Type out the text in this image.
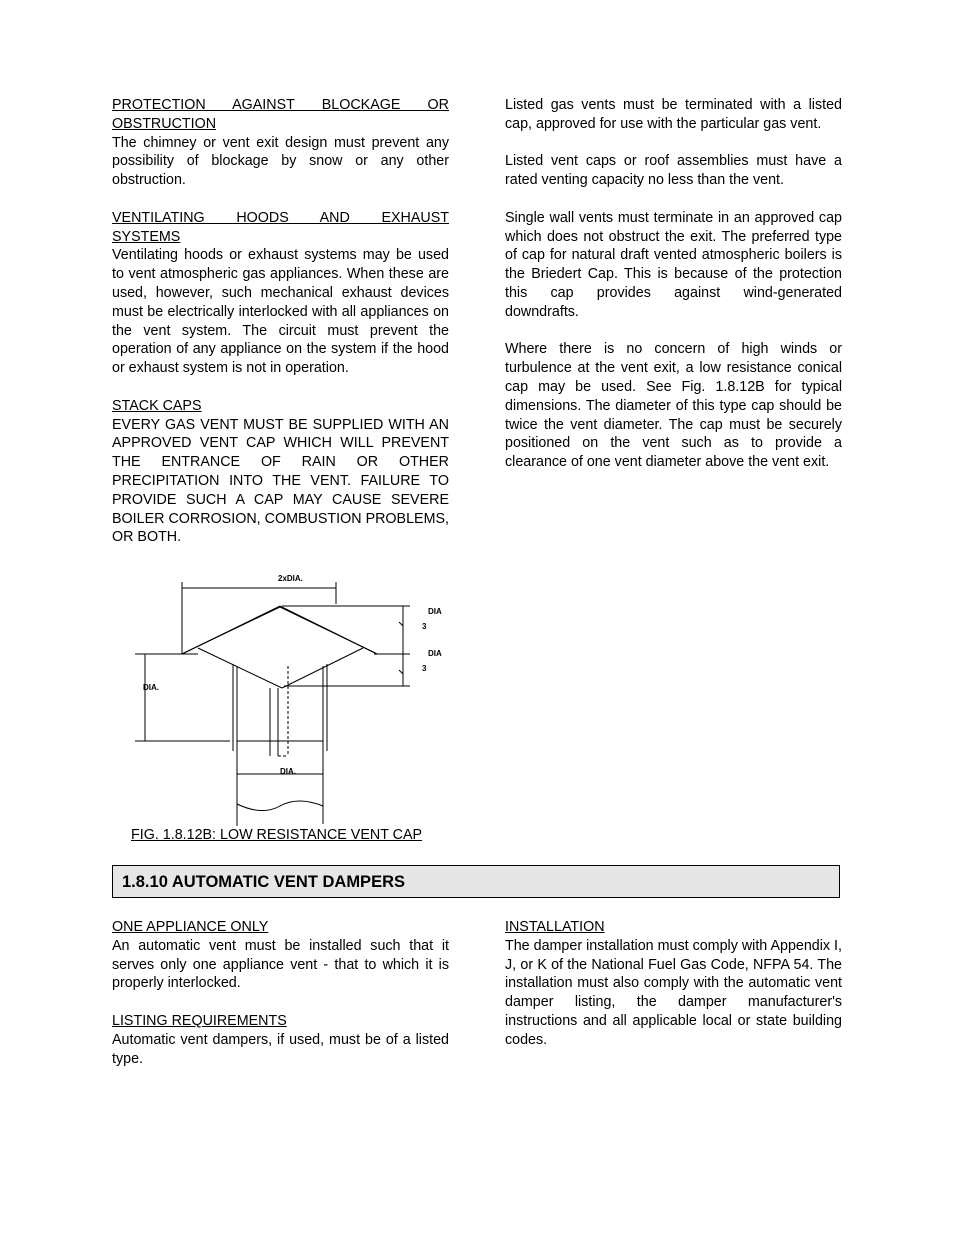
PROTECTION AGAINST BLOCKAGE OR

OBSTRUCTION

The chimney or vent exit design must prevent any possibility of blockage by snow or any other obstruction.

VENTILATING HOODS AND EXHAUST

SYSTEMS

Ventilating hoods or exhaust systems may be used to vent atmospheric gas appliances. When these are used, however, such mechanical exhaust devices must be electrically interlocked with all appliances on the vent system. The circuit must prevent the operation of any appliance on the system if the hood or exhaust system is not in operation.

STACK CAPS

EVERY GAS VENT MUST BE SUPPLIED WITH AN APPROVED VENT CAP WHICH WILL PREVENT THE ENTRANCE OF RAIN OR OTHER PRECIPITATION INTO THE VENT. FAILURE TO PROVIDE SUCH A CAP MAY CAUSE SEVERE BOILER CORROSION, COMBUSTION PROBLEMS, OR BOTH.

Listed gas vents must be terminated with a listed cap, approved for use with the particular gas vent.

Listed vent caps or roof assemblies must have a rated venting capacity no less than the vent.

Single wall vents must terminate in an approved cap which does not obstruct the exit. The preferred type of cap for natural draft vented atmospheric boilers is the Briedert Cap. This is because of the protection this cap provides against wind-generated downdrafts.

Where there is no concern of high winds or turbulence at the vent exit, a low resistance conical cap may be used. See Fig. 1.8.12B for typical dimensions. The diameter of this type cap should be twice the vent diameter. The cap must be securely positioned on the vent such as to provide a clearance of one vent diameter above the vent exit.

2xDIA.
DIA
3
DIA
3
DIA.
DIA.
FIG. 1.8.12B: LOW RESISTANCE VENT CAP
1.8.10 AUTOMATIC VENT DAMPERS

ONE APPLIANCE ONLY

An automatic vent must be installed such that it serves only one appliance vent - that to which it is properly interlocked.

LISTING REQUIREMENTS

Automatic vent dampers, if used, must be of a listed type.

INSTALLATION

The damper installation must comply with Appendix I, J, or K of the National Fuel Gas Code, NFPA 54. The installation must also comply with the automatic vent damper listing, the damper manufacturer's instructions and all applicable local or state building codes.
